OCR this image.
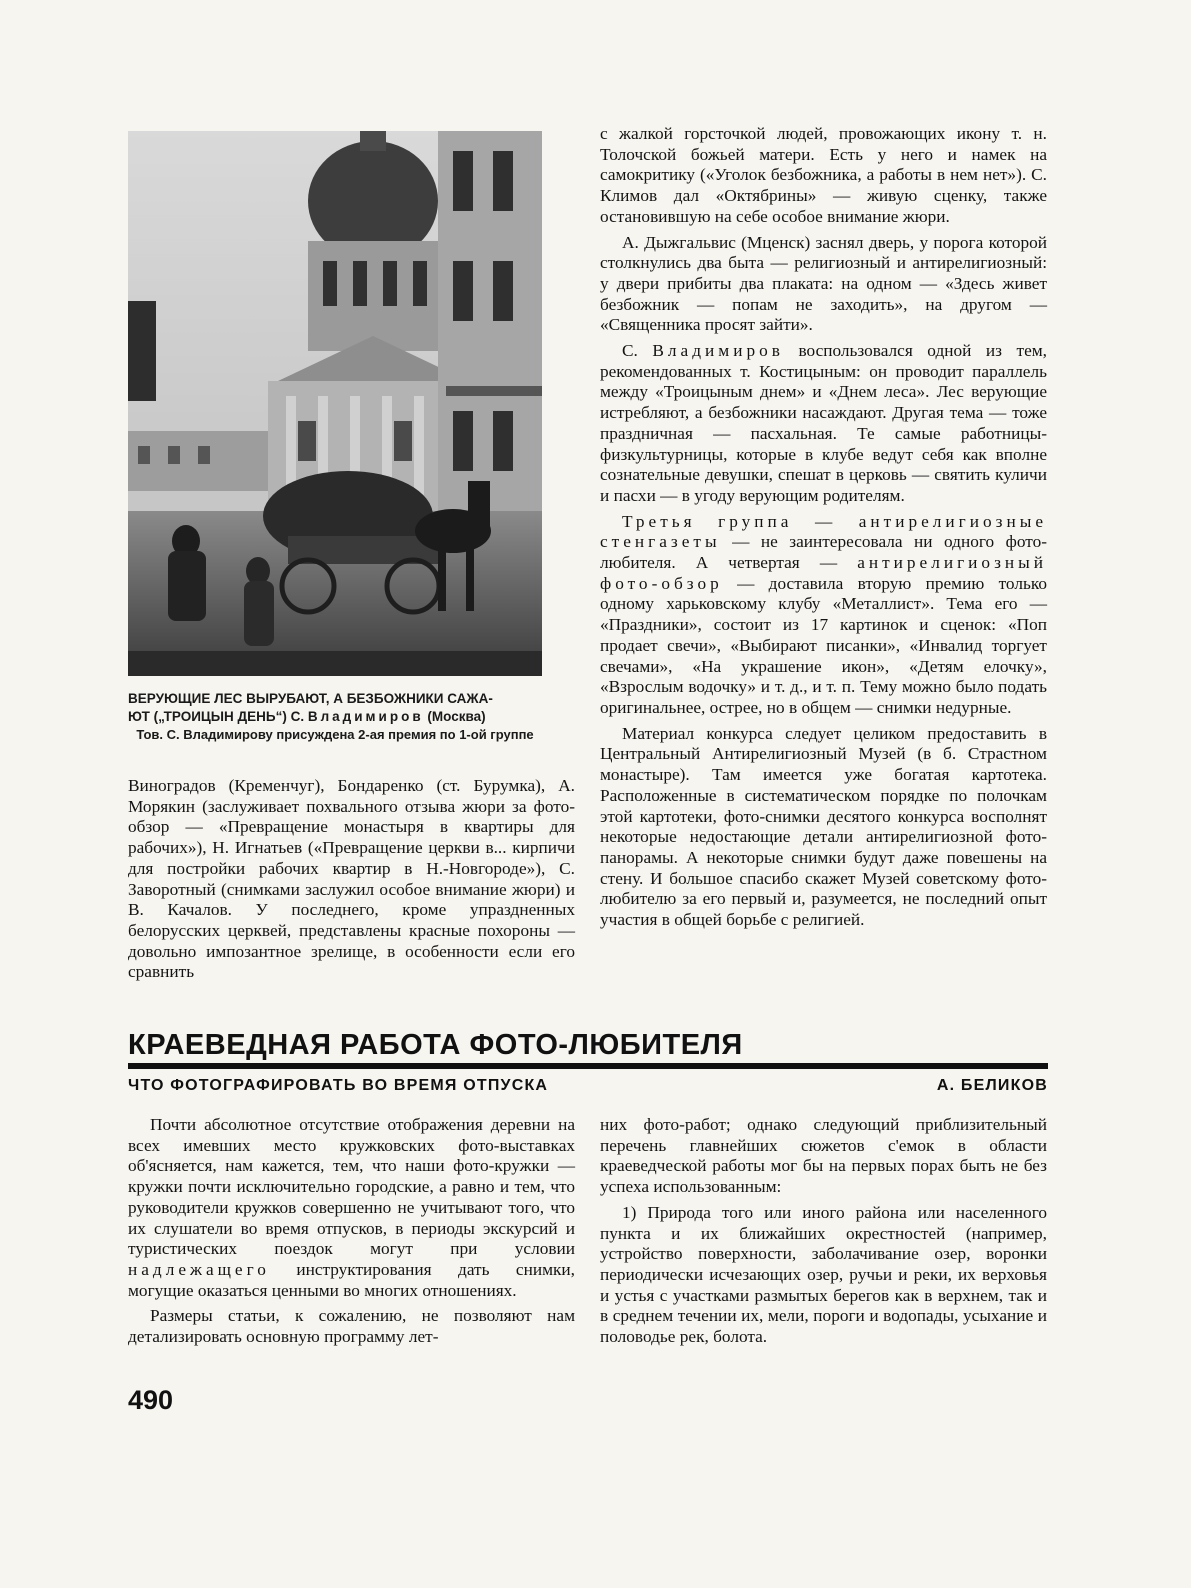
ВЕРУЮЩИЕ ЛЕС ВЫРУБАЮТ, А БЕЗБОЖНИКИ САЖА-
ЮТ („ТРОИЦЫН ДЕНЬ“) С. Владимиров (Москва)
Тов. С. Владимирову присуждена 2-ая премия по 1-ой группе

с жалкой горсточкой людей, провожающих икону т. н. Толочской божьей матери. Есть у него и намек на самокритику («Уголок безбожника, а работы в нем нет»). С. Климов дал «Октябрины» — живую сценку, также остановившую на себе особое внимание жюри.

А. Дыжгальвис (Мценск) заснял дверь, у порога которой столкнулись два быта — религиозный и антирелигиозный: у двери прибиты два плаката: на одном — «Здесь живет безбожник — попам не заходить», на другом — «Священника просят зайти».

С. Владимиров воспользовался одной из тем, рекомендованных т. Костицыным: он проводит параллель между «Троицыным днем» и «Днем леса». Лес верующие истребляют, а безбожники насаждают. Другая тема — тоже праздничная — пасхальная. Те самые работницы-физкультурницы, которые в клубе ведут себя как вполне сознательные девушки, спешат в церковь — святить куличи и пасхи — в угоду верующим родителям.

Третья группа — антирелигиозные стенгазеты — не заинтересовала ни одного фото-любителя. А четвертая — антирелигиозный фото-обзор — доставила вторую премию только одному харьковскому клубу «Металлист». Тема его — «Праздники», состоит из 17 картинок и сценок: «Поп продает свечи», «Выбирают писанки», «Инвалид торгует свечами», «На украшение икон», «Детям елочку», «Взрослым водочку» и т. д., и т. п. Тему можно было подать оригинальнее, острее, но в общем — снимки недурные.

Материал конкурса следует целиком предоставить в Центральный Антирелигиозный Музей (в б. Страстном монастыре). Там имеется уже богатая картотека. Расположенные в систематическом порядке по полочкам этой картотеки, фото-снимки десятого конкурса восполнят некоторые недостающие детали антирелигиозной фото-панорамы. А некоторые снимки будут даже повешены на стену. И большое спасибо скажет Музей советскому фото-любителю за его первый и, разумеется, не последний опыт участия в общей борьбе с религией.

Виноградов (Кременчуг), Бондаренко (ст. Бурумка), А. Морякин (заслуживает похвального отзыва жюри за фото-обзор — «Превращение монастыря в квартиры для рабочих»), Н. Игнатьев («Превращение церкви в... кирпичи для постройки рабочих квартир в Н.-Новгороде»), С. Заворотный (снимками заслужил особое внимание жюри) и В. Качалов. У последнего, кроме упраздненных белорусских церквей, представлены красные похороны — довольно импозантное зрелище, в особенности если его сравнить

КРАЕВЕДНАЯ РАБОТА ФОТО-ЛЮБИТЕЛЯ
ЧТО ФОТОГРАФИРОВАТЬ ВО ВРЕМЯ ОТПУСКА	А. БЕЛИКОВ

Почти абсолютное отсутствие отображения деревни на всех имевших место кружковских фото-выставках об'ясняется, нам кажется, тем, что наши фото-кружки — кружки почти исключительно городские, а равно и тем, что руководители кружков совершенно не учитывают того, что их слушатели во время отпусков, в периоды экскурсий и туристических поездок могут при условии надлежащего инструктирования дать снимки, могущие оказаться ценными во многих отношениях.

Размеры статьи, к сожалению, не позволяют нам детализировать основную программу лет-

них фото-работ; однако следующий приблизительный перечень главнейших сюжетов с'емок в области краеведческой работы мог бы на первых порах быть не без успеха использованным:

1) Природа того или иного района или населенного пункта и их ближайших окрестностей (например, устройство поверхности, заболачивание озер, воронки периодически исчезающих озер, ручьи и реки, их верховья и устья с участками размытых берегов как в верхнем, так и в среднем течении их, мели, пороги и водопады, усыхание и половодье рек, болота.

490
